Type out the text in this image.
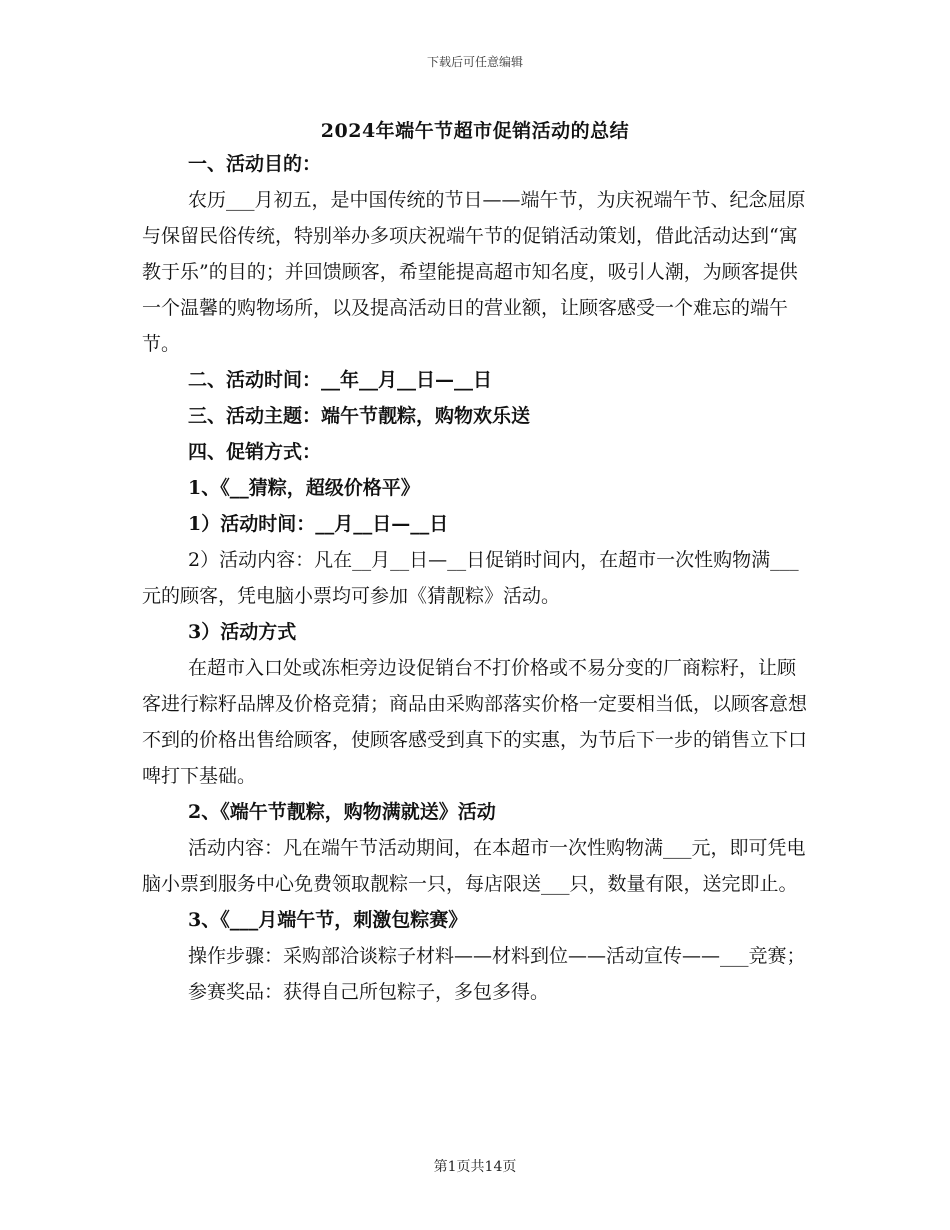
下载后可任意编辑
2024年端午节超市促销活动的总结

一、活动目的：

农历___月初五，是中国传统的节日——端午节，为庆祝端午节、纪念屈原与保留民俗传统，特别举办多项庆祝端午节的促销活动策划，借此活动达到“寓教于乐”的目的；并回馈顾客，希望能提高超市知名度，吸引人潮，为顾客提供一个温馨的购物场所，以及提高活动日的营业额，让顾客感受一个难忘的端午节。

二、活动时间：__年__月__日—__日

三、活动主题：端午节靓粽，购物欢乐送

四、促销方式：

1、《__猜粽，超级价格平》

1）活动时间：__月__日—__日

2）活动内容：凡在__月__日—__日促销时间内，在超市一次性购物满___元的顾客，凭电脑小票均可参加《猜靓粽》活动。

3）活动方式

在超市入口处或冻柜旁边设促销台不打价格或不易分变的厂商粽籽，让顾客进行粽籽品牌及价格竞猜；商品由采购部落实价格一定要相当低，以顾客意想不到的价格出售给顾客，使顾客感受到真下的实惠，为节后下一步的销售立下口啤打下基础。

2、《端午节靓粽，购物满就送》活动

活动内容：凡在端午节活动期间，在本超市一次性购物满___元，即可凭电脑小票到服务中心免费领取靓粽一只，每店限送___只，数量有限，送完即止。

3、《___月端午节，刺激包粽赛》

操作步骤：采购部洽谈粽子材料——材料到位——活动宣传——___竞赛；

参赛奖品：获得自己所包粽子，多包多得。

第1页共14页
